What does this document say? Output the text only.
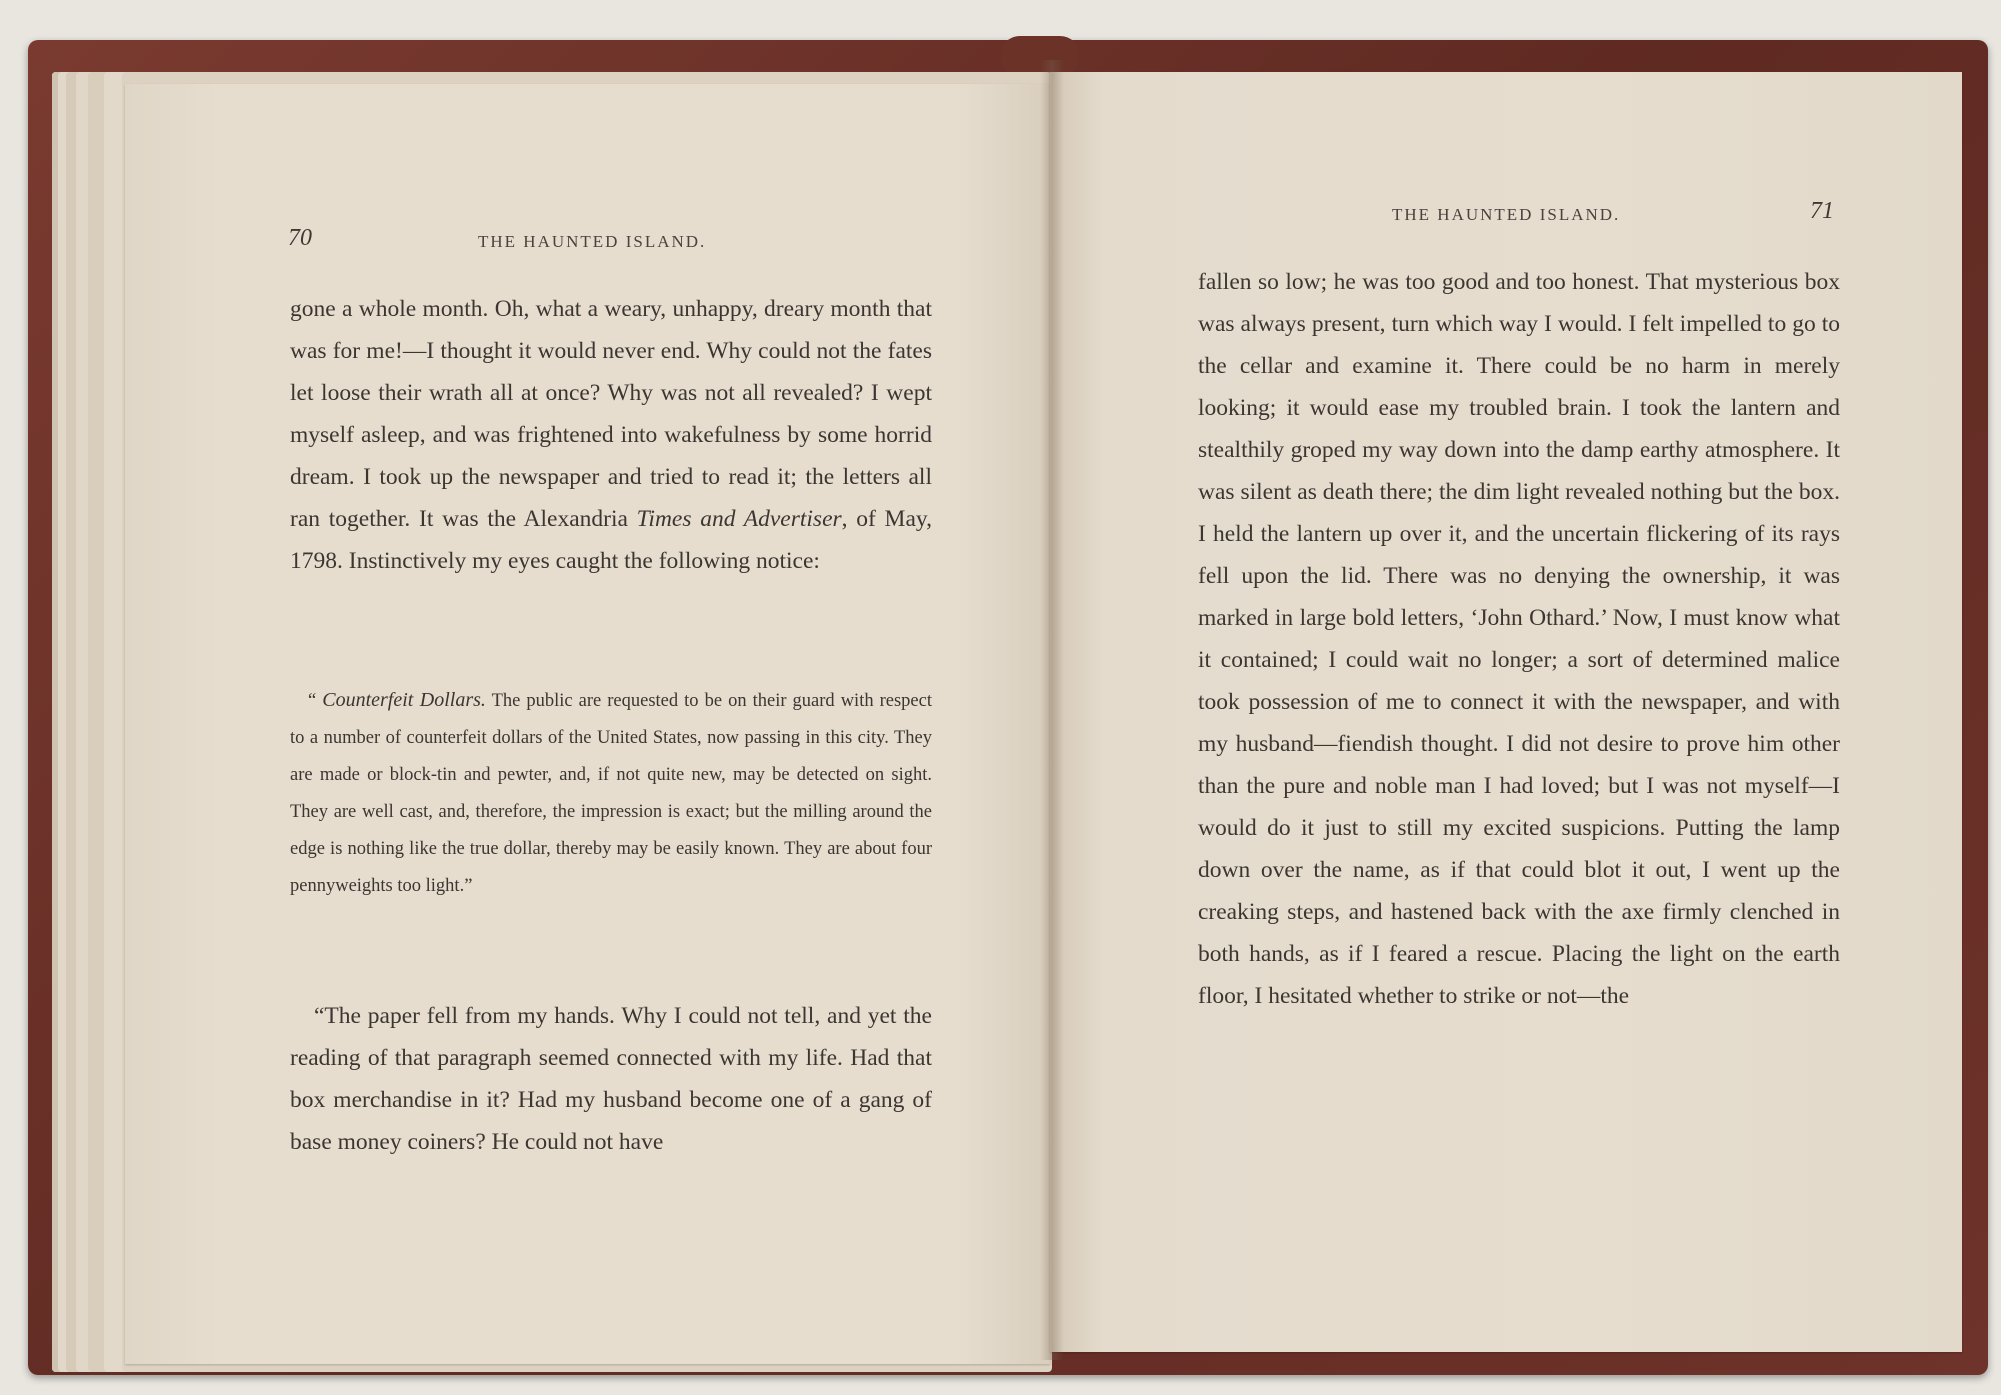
70	THE HAUNTED ISLAND.

gone a whole month. Oh, what a weary, unhappy, dreary month that was for me!—I thought it would never end. Why could not the fates let loose their wrath all at once? Why was not all revealed? I wept myself asleep, and was frightened into wakefulness by some horrid dream. I took up the newspaper and tried to read it; the letters all ran together. It was the Alexandria Times and Advertiser, of May, 1798. Instinctively my eyes caught the following notice:

“ Counterfeit Dollars. The public are requested to be on their guard with respect to a number of counterfeit dollars of the United States, now passing in this city. They are made or block-tin and pewter, and, if not quite new, may be detected on sight. They are well cast, and, therefore, the impression is exact; but the milling around the edge is nothing like the true dollar, thereby may be easily known. They are about four pennyweights too light.”

“The paper fell from my hands. Why I could not tell, and yet the reading of that paragraph seemed connected with my life. Had that box merchandise in it? Had my husband become one of a gang of base money coiners? He could not have

THE HAUNTED ISLAND.	71

fallen so low; he was too good and too honest. That mysterious box was always present, turn which way I would. I felt impelled to go to the cellar and examine it. There could be no harm in merely looking; it would ease my troubled brain. I took the lantern and stealthily groped my way down into the damp earthy atmosphere. It was silent as death there; the dim light revealed nothing but the box. I held the lantern up over it, and the uncertain flickering of its rays fell upon the lid. There was no denying the ownership, it was marked in large bold letters, ‘John Othard.’ Now, I must know what it contained; I could wait no longer; a sort of determined malice took possession of me to connect it with the newspaper, and with my husband—fiendish thought. I did not desire to prove him other than the pure and noble man I had loved; but I was not myself—I would do it just to still my excited suspicions. Putting the lamp down over the name, as if that could blot it out, I went up the creaking steps, and hastened back with the axe firmly clenched in both hands, as if I feared a rescue. Placing the light on the earth floor, I hesitated whether to strike or not—the
